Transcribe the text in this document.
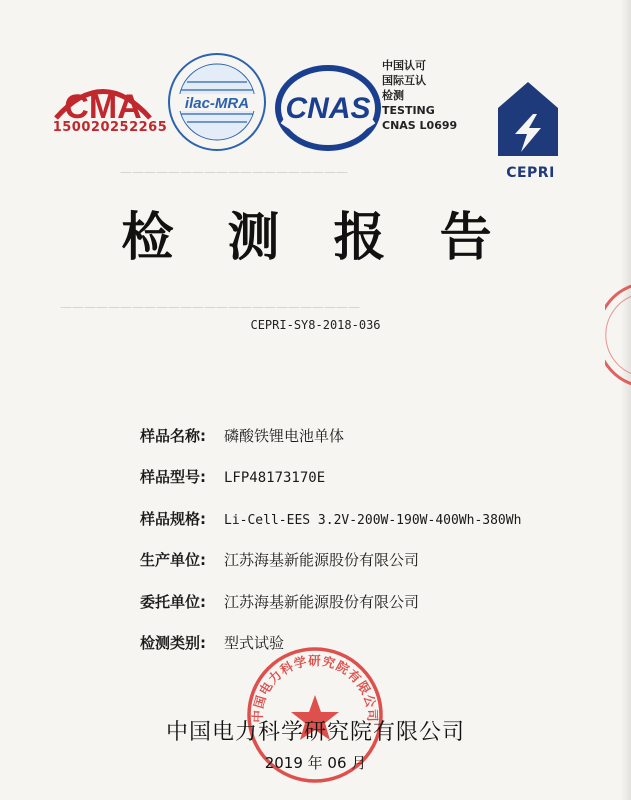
———————————————————
—————————————————————————
CMA
150020252265
ilac-MRA CNAS
中国认可
国际互认
检测
TESTING
CNAS L0699
CEPRI
检 测 报 告
CEPRI-SY8-2018-036
样品名称: 磷酸铁锂电池单体
样品型号: LFP48173170E
样品规格: Li-Cell-EES 3.2V-200W-190W-400Wh-380Wh
生产单位: 江苏海基新能源股份有限公司
委托单位: 江苏海基新能源股份有限公司
检测类别: 型式试验
中国电力科学研究院有限公司
中国电力科学研究院有限公司
2019 年 06 月
